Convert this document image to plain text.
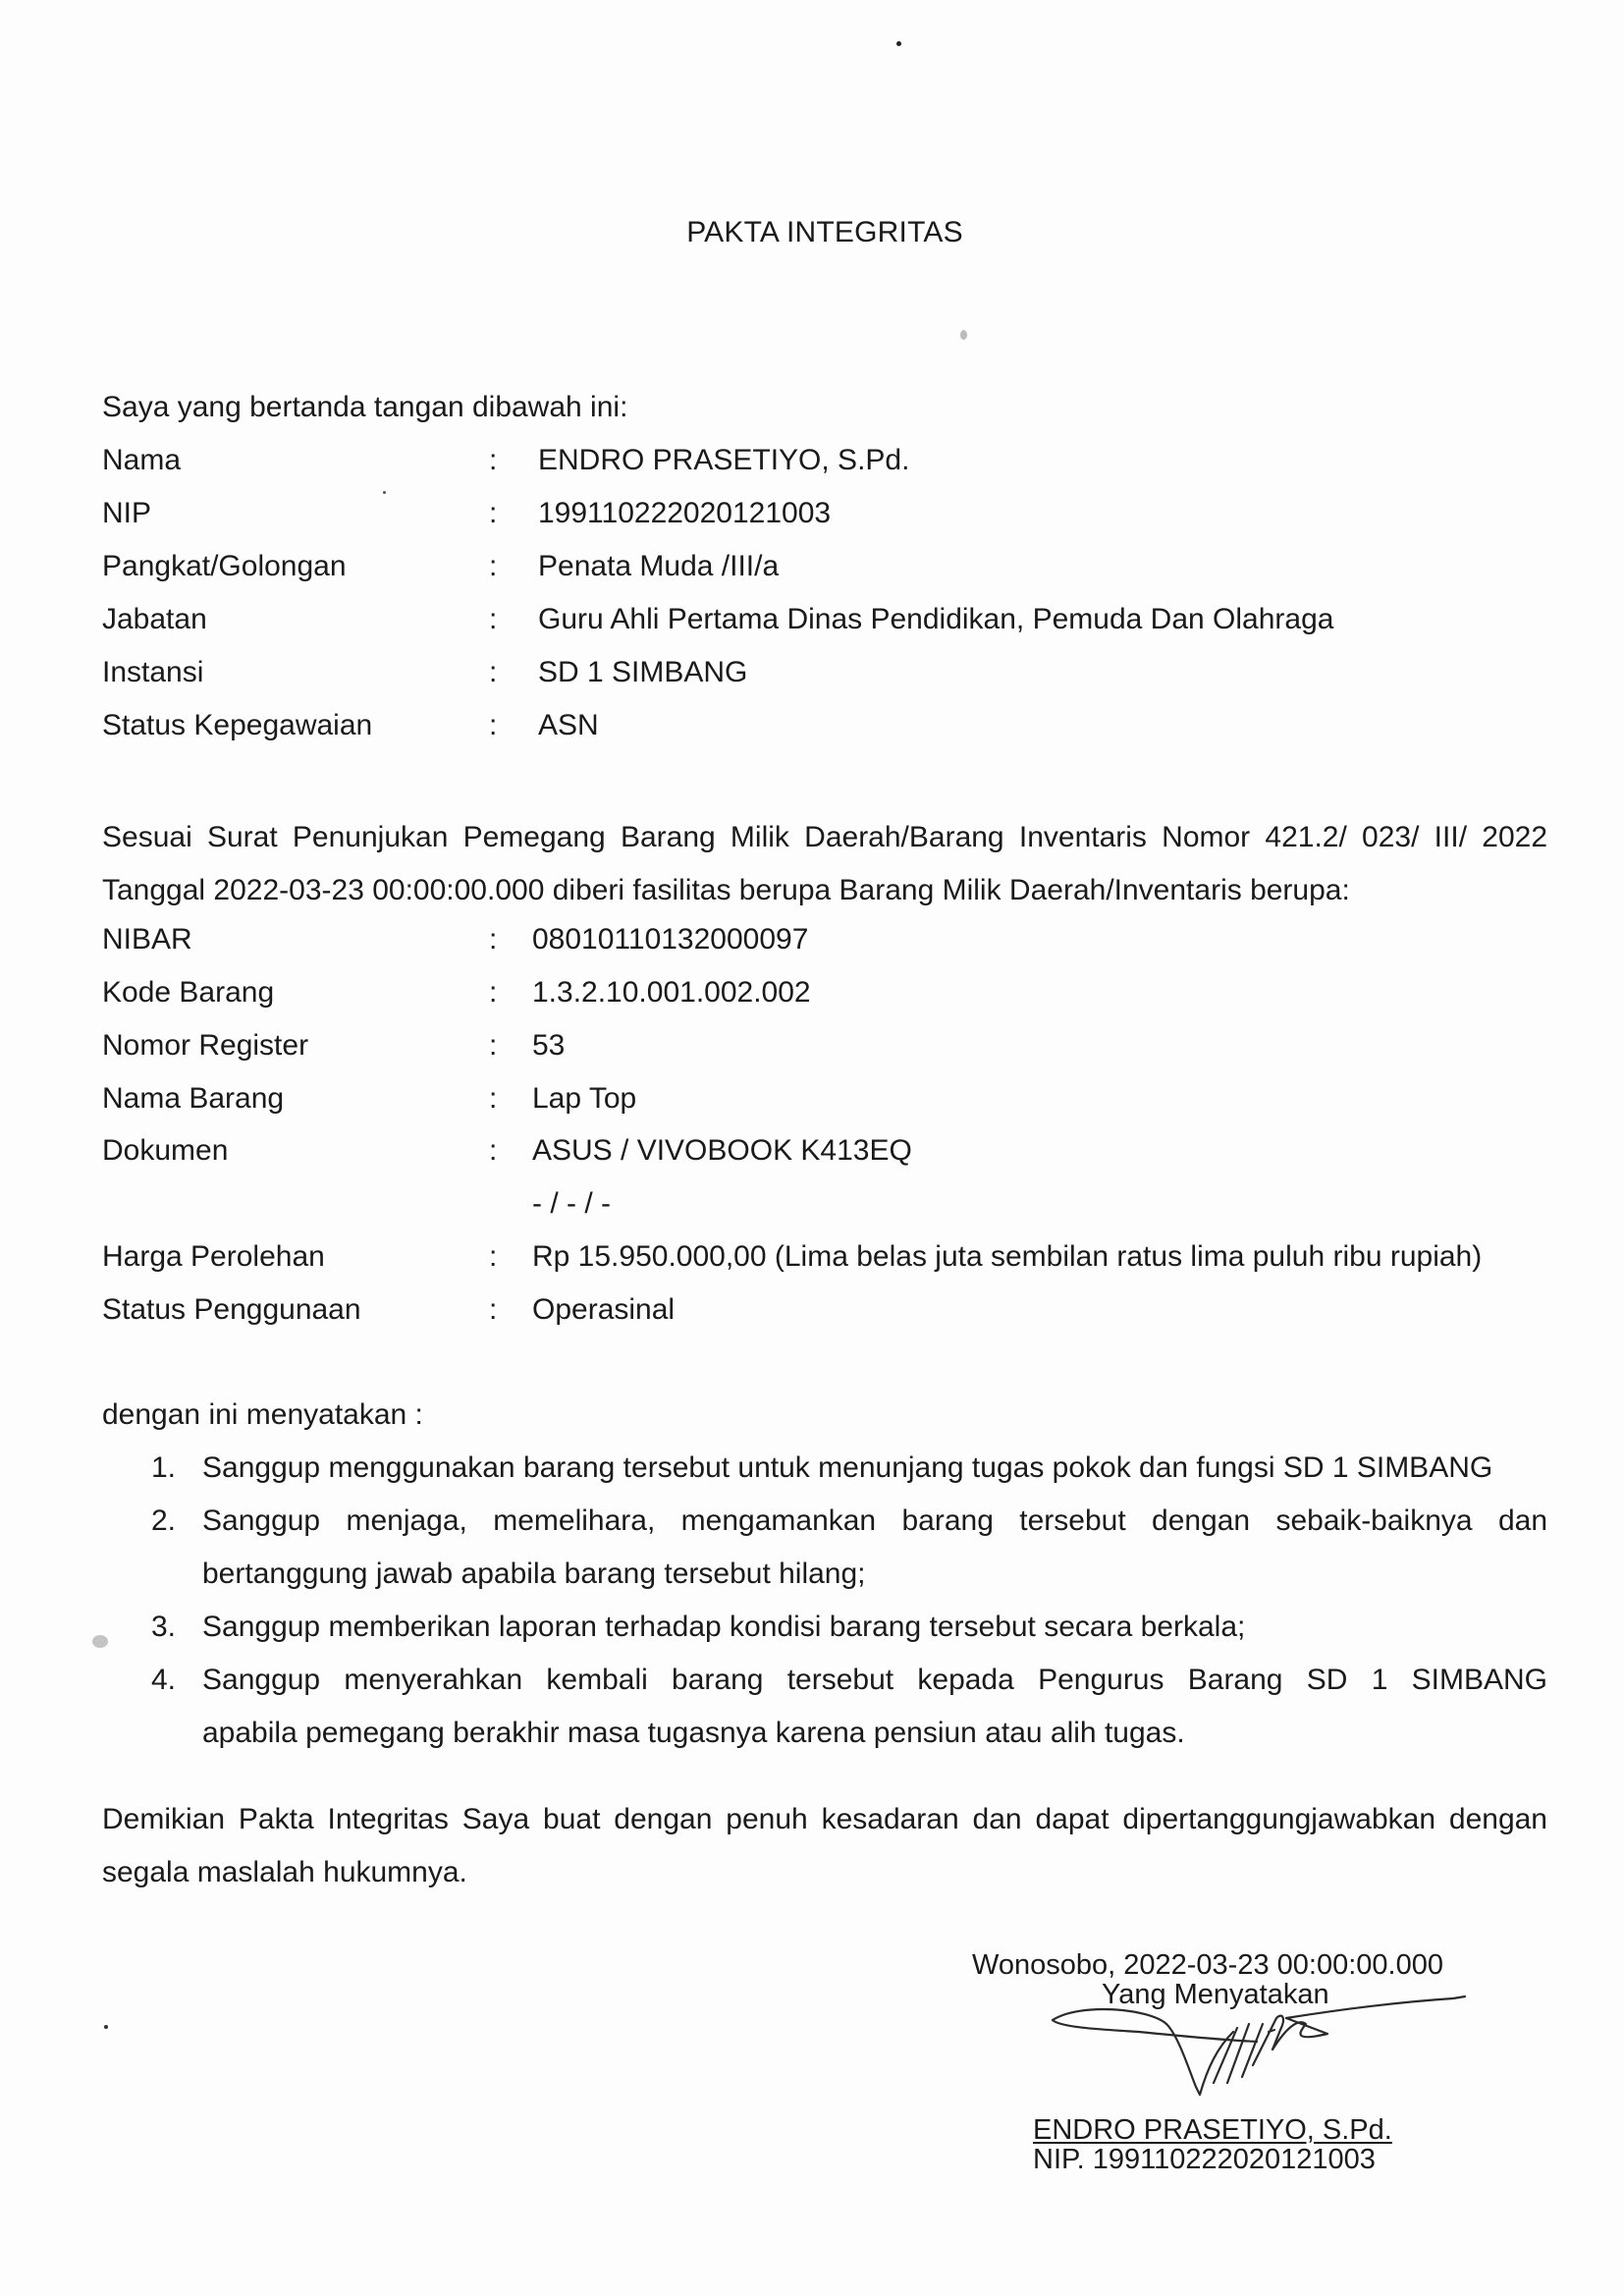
PAKTA INTEGRITAS
Saya yang bertanda tangan dibawah ini:
Nama	: ENDRO PRASETIYO, S.Pd.
NIP	: 199110222020121003
Pangkat/Golongan	: Penata Muda /III/a
Jabatan	: Guru Ahli Pertama Dinas Pendidikan, Pemuda Dan Olahraga
Instansi	: SD 1 SIMBANG
Status Kepegawaian	: ASN
Sesuai Surat Penunjukan Pemegang Barang Milik Daerah/Barang Inventaris Nomor 421.2/ 023/ III/ 2022
Tanggal 2022-03-23 00:00:00.000 diberi fasilitas berupa Barang Milik Daerah/Inventaris berupa:
NIBAR	: 08010110132000097
Kode Barang	: 1.3.2.10.001.002.002
Nomor Register	: 53
Nama Barang	: Lap Top
Dokumen	: ASUS / VIVOBOOK K413EQ
- / - / -
Harga Perolehan	: Rp 15.950.000,00 (Lima belas juta sembilan ratus lima puluh ribu rupiah)
Status Penggunaan	: Operasinal
dengan ini menyatakan :
1. Sanggup menggunakan barang tersebut untuk menunjang tugas pokok dan fungsi SD 1 SIMBANG
2. Sanggup menjaga, memelihara, mengamankan barang tersebut dengan sebaik-baiknya dan
bertanggung jawab apabila barang tersebut hilang;
3. Sanggup memberikan laporan terhadap kondisi barang tersebut secara berkala;
4. Sanggup menyerahkan kembali barang tersebut kepada Pengurus Barang SD 1 SIMBANG
apabila pemegang berakhir masa tugasnya karena pensiun atau alih tugas.
Demikian Pakta Integritas Saya buat dengan penuh kesadaran dan dapat dipertanggungjawabkan dengan
segala maslalah hukumnya.
Wonosobo, 2022-03-23 00:00:00.000
Yang Menyatakan
ENDRO PRASETIYO, S.Pd.
NIP. 199110222020121003
